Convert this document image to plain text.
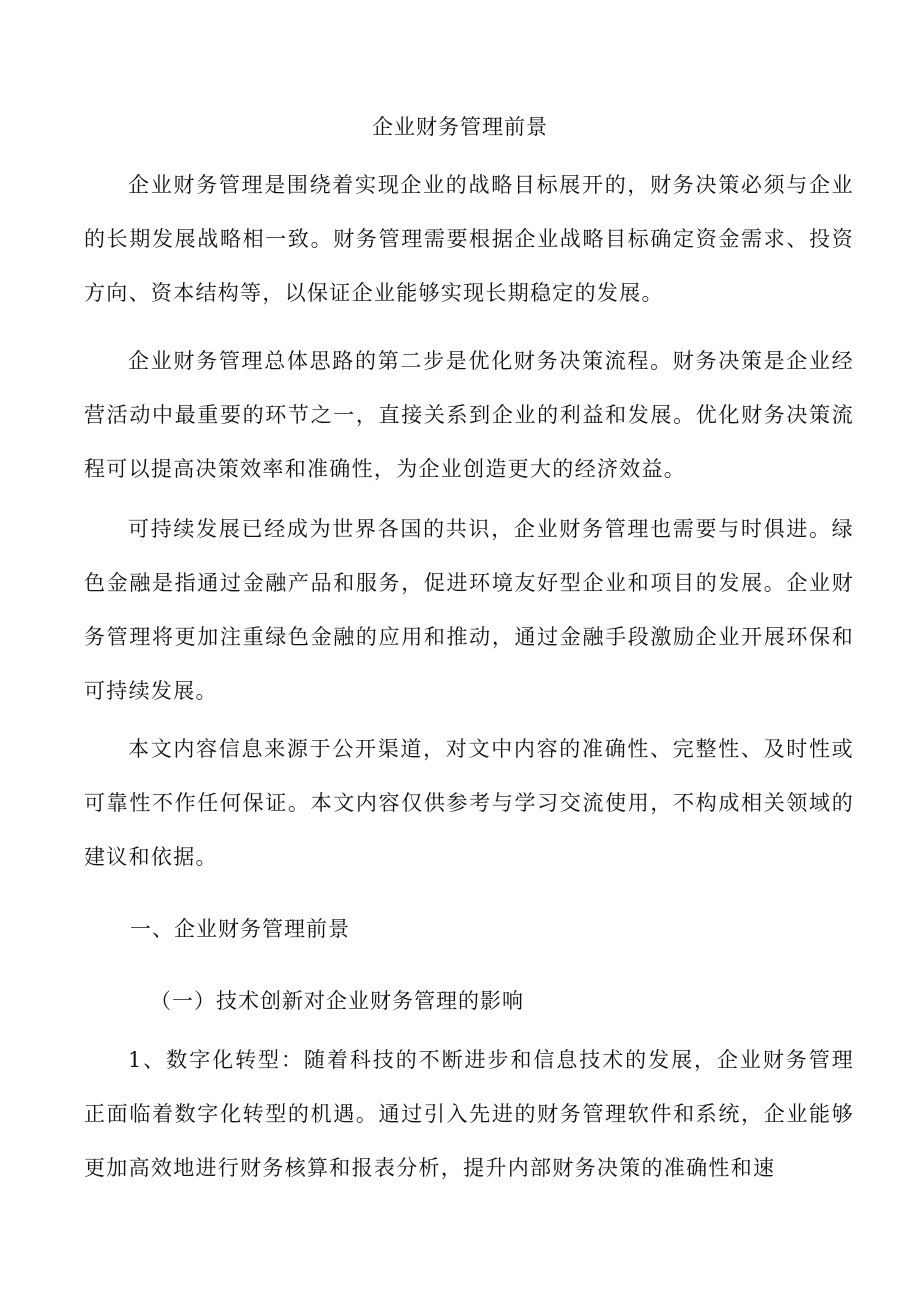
企业财务管理前景

企业财务管理是围绕着实现企业的战略目标展开的，财务决策必须与企业的长期发展战略相一致。财务管理需要根据企业战略目标确定资金需求、投资方向、资本结构等，以保证企业能够实现长期稳定的发展。

企业财务管理总体思路的第二步是优化财务决策流程。财务决策是企业经营活动中最重要的环节之一，直接关系到企业的利益和发展。优化财务决策流程可以提高决策效率和准确性，为企业创造更大的经济效益。

可持续发展已经成为世界各国的共识，企业财务管理也需要与时俱进。绿色金融是指通过金融产品和服务，促进环境友好型企业和项目的发展。企业财务管理将更加注重绿色金融的应用和推动，通过金融手段激励企业开展环保和可持续发展。

本文内容信息来源于公开渠道，对文中内容的准确性、完整性、及时性或可靠性不作任何保证。本文内容仅供参考与学习交流使用，不构成相关领域的建议和依据。

一、企业财务管理前景
（一）技术创新对企业财务管理的影响

1、数字化转型：随着科技的不断进步和信息技术的发展，企业财务管理正面临着数字化转型的机遇。通过引入先进的财务管理软件和系统，企业能够更加高效地进行财务核算和报表分析，提升内部财务决策的准确性和速
